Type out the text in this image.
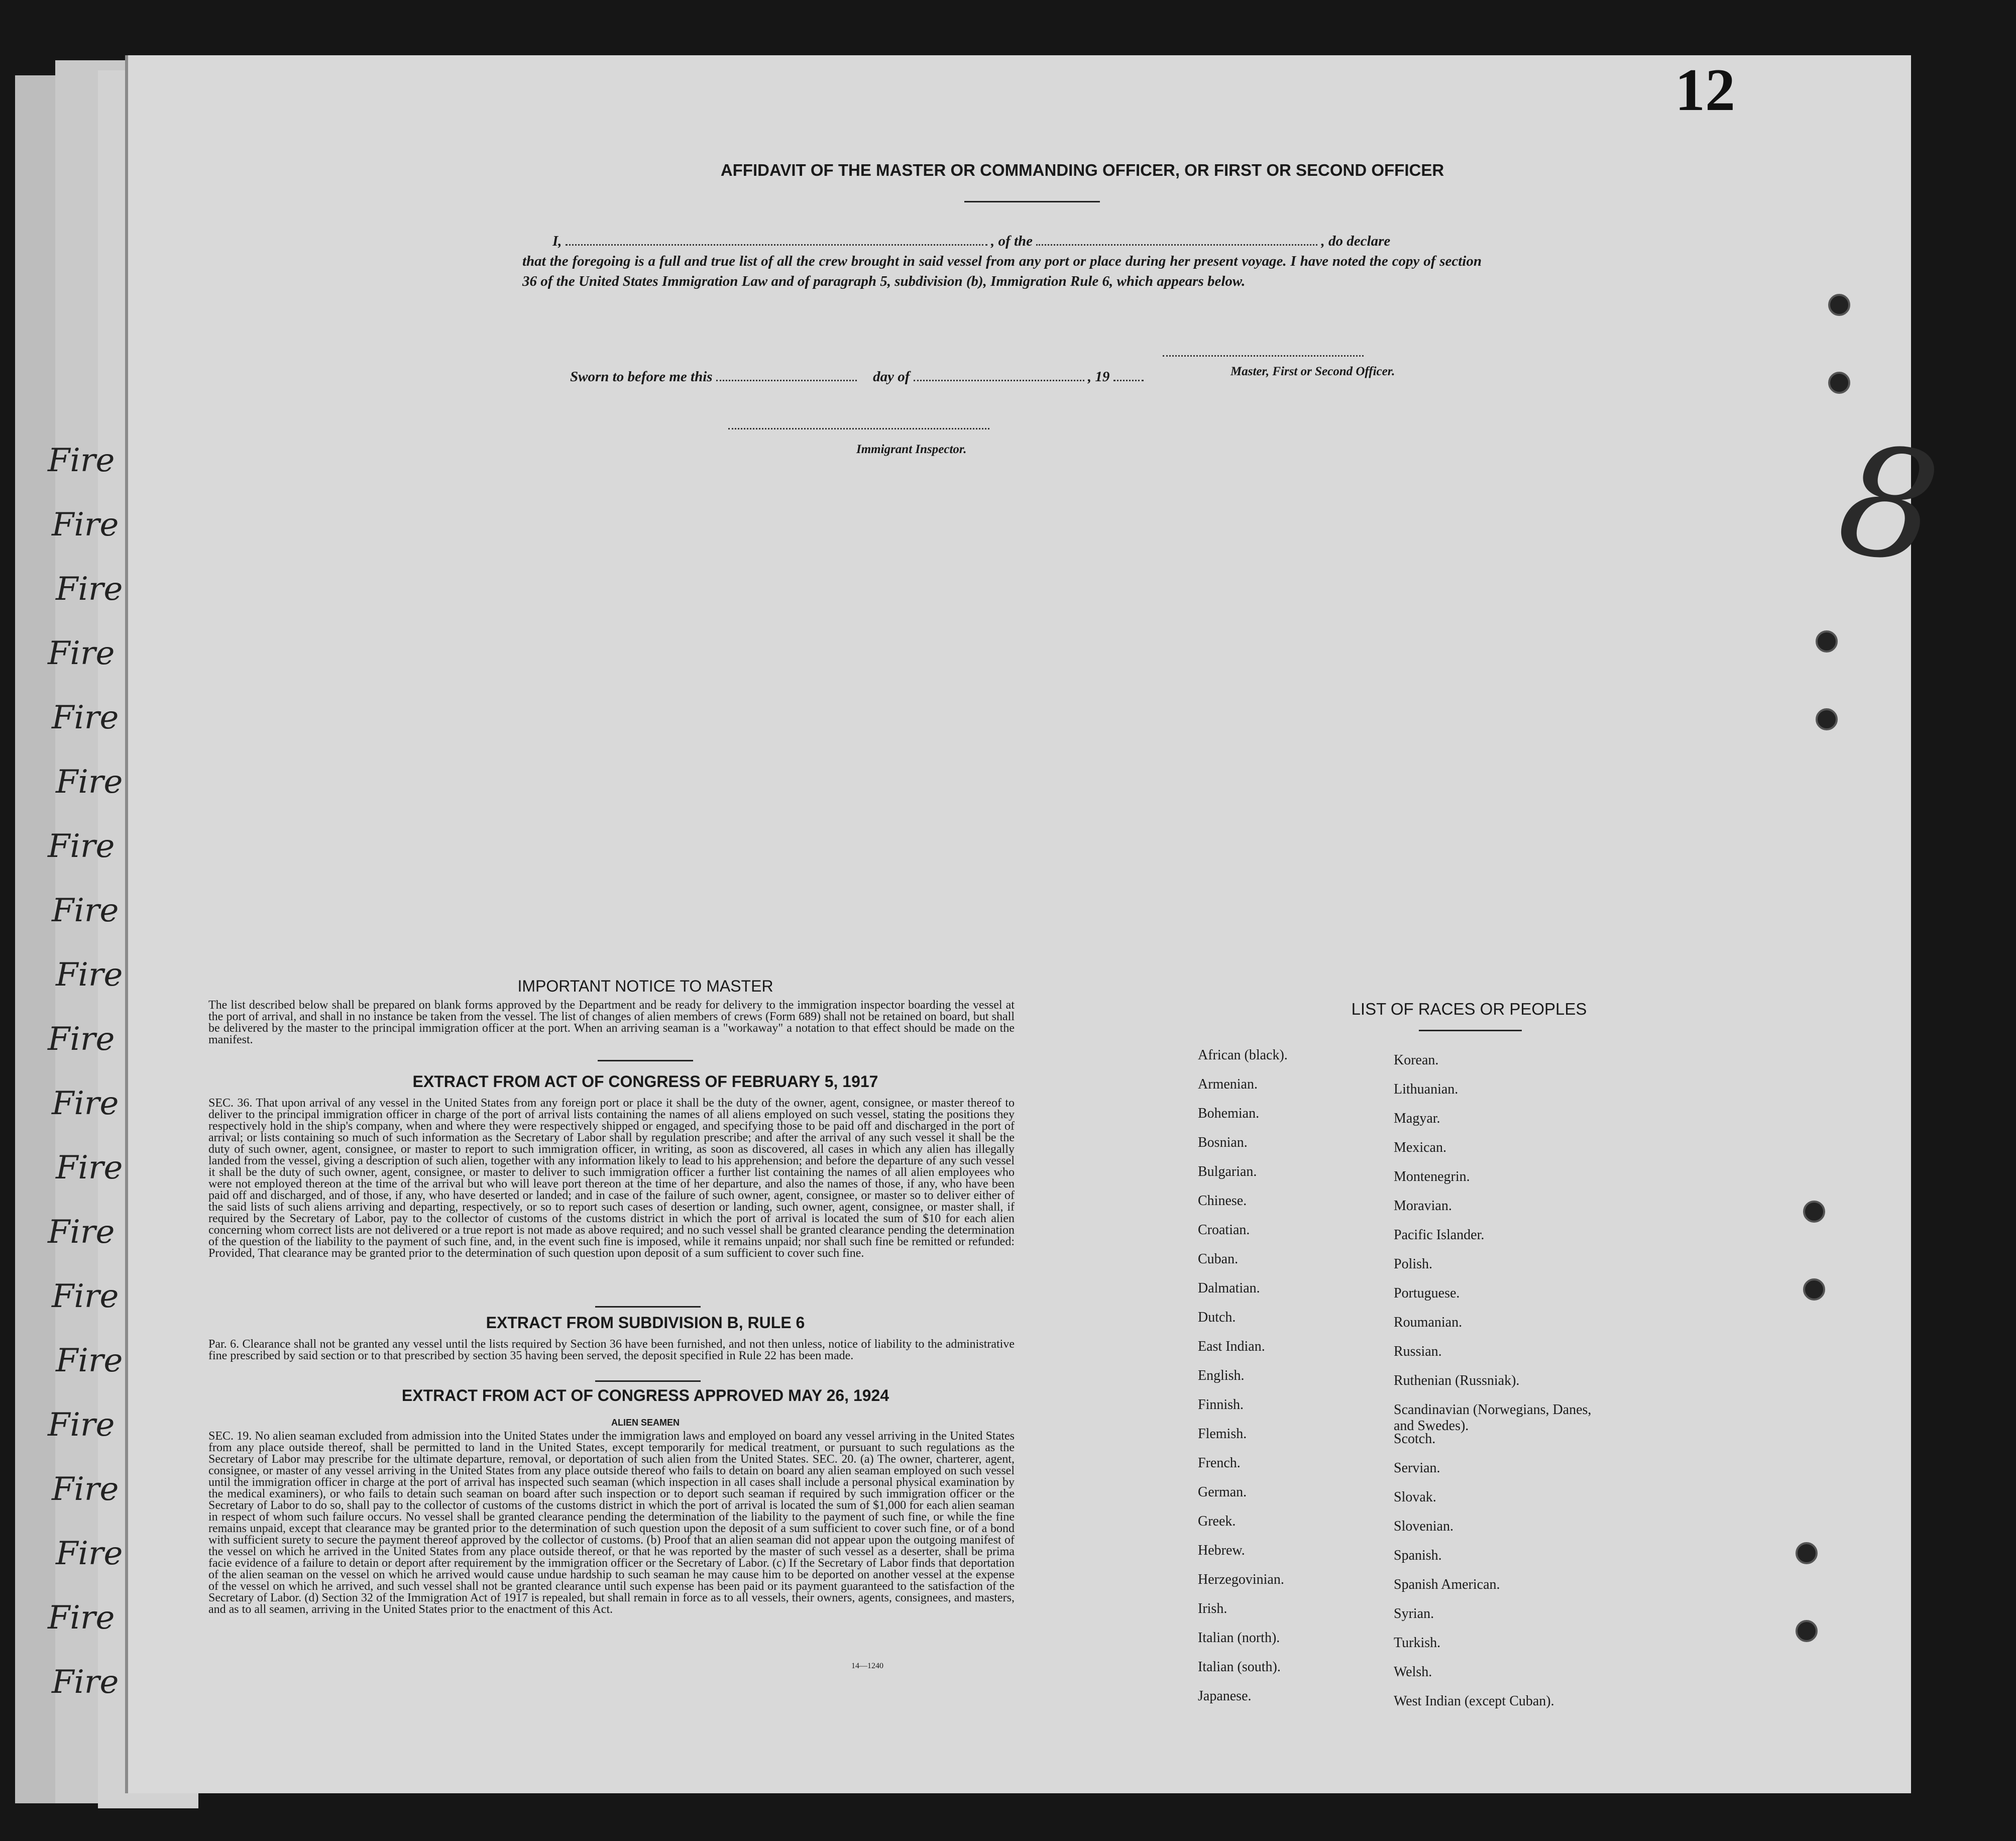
Fire
Fire
Fire
Fire
Fire
Fire
Fire
Fire
Fire
Fire
Fire
Fire
Fire
Fire
Fire
Fire
Fire
Fire
Fire
Fire
12
8
AFFIDAVIT OF THE MASTER OR COMMANDING OFFICER, OR FIRST OR SECOND OFFICER
I,	, of the	, do declare
that the foregoing is a full and true list of all the crew brought in said vessel from any port or place during her present voyage. I have noted the copy of section 36 of the United States Immigration Law and of paragraph 5, subdivision (b), Immigration Rule 6, which appears below.
Master, First or Second Officer.
Sworn to before me this	day of	, 19
Immigrant Inspector.
IMPORTANT NOTICE TO MASTER
The list described below shall be prepared on blank forms approved by the Department and be ready for delivery to the immigration inspector boarding the vessel at the port of arrival, and shall in no instance be taken from the vessel. The list of changes of alien members of crews (Form 689) shall not be retained on board, but shall be delivered by the master to the principal immigration officer at the port. When an arriving seaman is a "workaway" a notation to that effect should be made on the manifest.
EXTRACT FROM ACT OF CONGRESS OF FEBRUARY 5, 1917
SEC. 36. That upon arrival of any vessel in the United States from any foreign port or place it shall be the duty of the owner, agent, consignee, or master thereof to deliver to the principal immigration officer in charge of the port of arrival lists containing the names of all aliens employed on such vessel, stating the positions they respectively hold in the ship's company, when and where they were respectively shipped or engaged, and specifying those to be paid off and discharged in the port of arrival; or lists containing so much of such information as the Secretary of Labor shall by regulation prescribe; and after the arrival of any such vessel it shall be the duty of such owner, agent, consignee, or master to report to such immigration officer, in writing, as soon as discovered, all cases in which any alien has illegally landed from the vessel, giving a description of such alien, together with any information likely to lead to his apprehension; and before the departure of any such vessel it shall be the duty of such owner, agent, consignee, or master to deliver to such immigration officer a further list containing the names of all alien employees who were not employed thereon at the time of the arrival but who will leave port thereon at the time of her departure, and also the names of those, if any, who have been paid off and discharged, and of those, if any, who have deserted or landed; and in case of the failure of such owner, agent, consignee, or master so to deliver either of the said lists of such aliens arriving and departing, respectively, or so to report such cases of desertion or landing, such owner, agent, consignee, or master shall, if required by the Secretary of Labor, pay to the collector of customs of the customs district in which the port of arrival is located the sum of $10 for each alien concerning whom correct lists are not delivered or a true report is not made as above required; and no such vessel shall be granted clearance pending the determination of the question of the liability to the payment of such fine, and, in the event such fine is imposed, while it remains unpaid; nor shall such fine be remitted or refunded: Provided, That clearance may be granted prior to the determination of such question upon deposit of a sum sufficient to cover such fine.
EXTRACT FROM SUBDIVISION B, RULE 6
Par. 6. Clearance shall not be granted any vessel until the lists required by Section 36 have been furnished, and not then unless, notice of liability to the administrative fine prescribed by said section or to that prescribed by section 35 having been served, the deposit specified in Rule 22 has been made.
EXTRACT FROM ACT OF CONGRESS APPROVED MAY 26, 1924
ALIEN SEAMEN
SEC. 19. No alien seaman excluded from admission into the United States under the immigration laws and employed on board any vessel arriving in the United States from any place outside thereof, shall be permitted to land in the United States, except temporarily for medical treatment, or pursuant to such regulations as the Secretary of Labor may prescribe for the ultimate departure, removal, or deportation of such alien from the United States. SEC. 20. (a) The owner, charterer, agent, consignee, or master of any vessel arriving in the United States from any place outside thereof who fails to detain on board any alien seaman employed on such vessel until the immigration officer in charge at the port of arrival has inspected such seaman (which inspection in all cases shall include a personal physical examination by the medical examiners), or who fails to detain such seaman on board after such inspection or to deport such seaman if required by such immigration officer or the Secretary of Labor to do so, shall pay to the collector of customs of the customs district in which the port of arrival is located the sum of $1,000 for each alien seaman in respect of whom such failure occurs. No vessel shall be granted clearance pending the determination of the liability to the payment of such fine, or while the fine remains unpaid, except that clearance may be granted prior to the determination of such question upon the deposit of a sum sufficient to cover such fine, or of a bond with sufficient surety to secure the payment thereof approved by the collector of customs. (b) Proof that an alien seaman did not appear upon the outgoing manifest of the vessel on which he arrived in the United States from any place outside thereof, or that he was reported by the master of such vessel as a deserter, shall be prima facie evidence of a failure to detain or deport after requirement by the immigration officer or the Secretary of Labor. (c) If the Secretary of Labor finds that deportation of the alien seaman on the vessel on which he arrived would cause undue hardship to such seaman he may cause him to be deported on another vessel at the expense of the vessel on which he arrived, and such vessel shall not be granted clearance until such expense has been paid or its payment guaranteed to the satisfaction of the Secretary of Labor. (d) Section 32 of the Immigration Act of 1917 is repealed, but shall remain in force as to all vessels, their owners, agents, consignees, and masters, and as to all seamen, arriving in the United States prior to the enactment of this Act.
14—1240
LIST OF RACES OR PEOPLES
African (black).
Armenian.
Bohemian.
Bosnian.
Bulgarian.
Chinese.
Croatian.
Cuban.
Dalmatian.
Dutch.
East Indian.
English.
Finnish.
Flemish.
French.
German.
Greek.
Hebrew.
Herzegovinian.
Irish.
Italian (north).
Italian (south).
Japanese.
Korean.
Lithuanian.
Magyar.
Mexican.
Montenegrin.
Moravian.
Pacific Islander.
Polish.
Portuguese.
Roumanian.
Russian.
Ruthenian (Russniak).
Scandinavian (Norwegians, Danes, and Swedes).
Scotch.
Servian.
Slovak.
Slovenian.
Spanish.
Spanish American.
Syrian.
Turkish.
Welsh.
West Indian (except Cuban).
